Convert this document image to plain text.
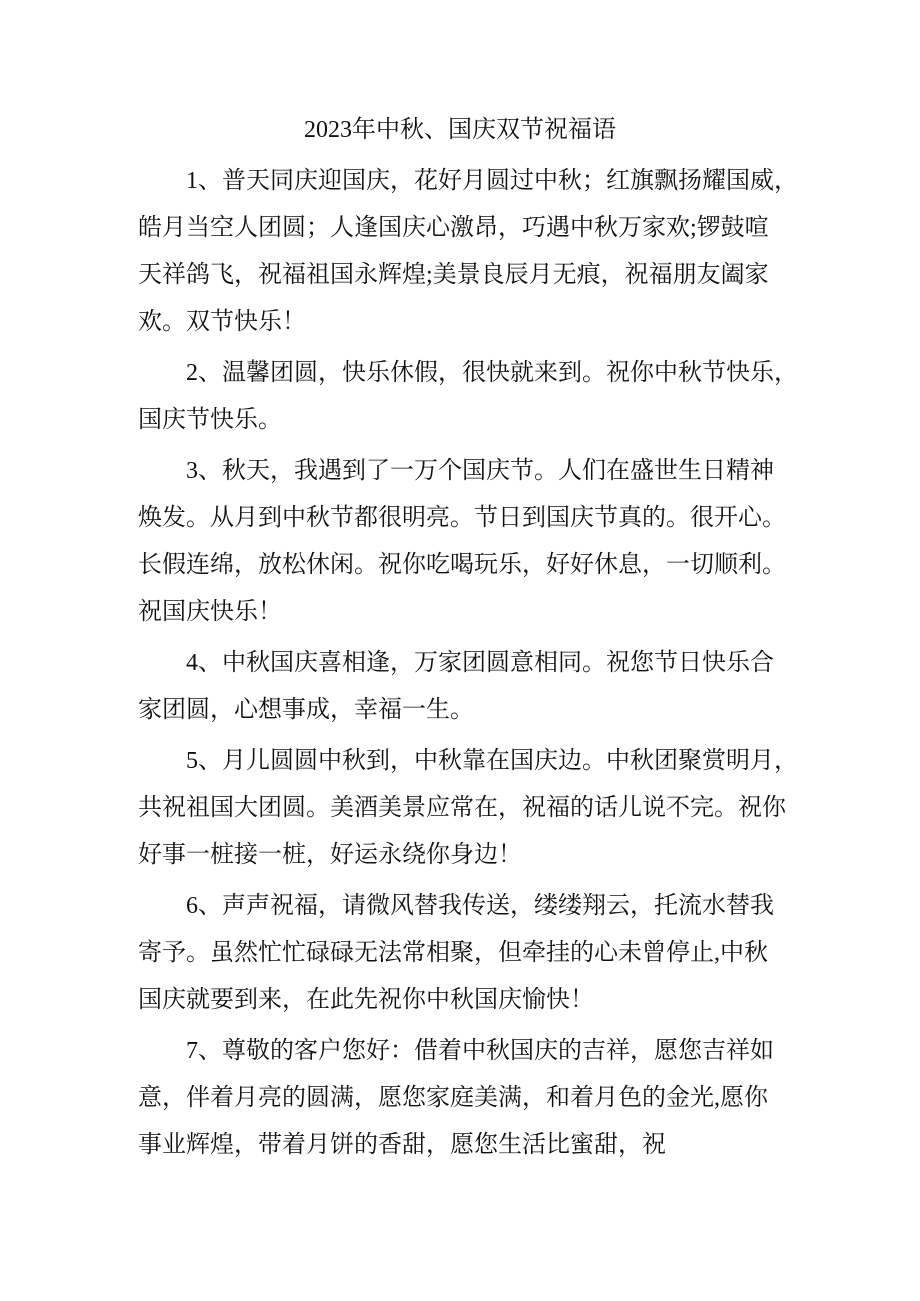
2023年中秋、国庆双节祝福语
1、普天同庆迎国庆，花好月圆过中秋；红旗飘扬耀国威，
皓月当空人团圆；人逢国庆心激昂，巧遇中秋万家欢;锣鼓喧
天祥鸽飞，祝福祖国永辉煌;美景良辰月无痕，祝福朋友阖家
欢。双节快乐！
2、温馨团圆，快乐休假，很快就来到。祝你中秋节快乐，
国庆节快乐。
3、秋天，我遇到了一万个国庆节。人们在盛世生日精神
焕发。从月到中秋节都很明亮。节日到国庆节真的。很开心。
长假连绵，放松休闲。祝你吃喝玩乐，好好休息，一切顺利。
祝国庆快乐！
4、中秋国庆喜相逢，万家团圆意相同。祝您节日快乐合
家团圆，心想事成，幸福一生。
5、月儿圆圆中秋到，中秋靠在国庆边。中秋团聚赏明月，
共祝祖国大团圆。美酒美景应常在，祝福的话儿说不完。祝你
好事一桩接一桩，好运永绕你身边！
6、声声祝福，请微风替我传送，缕缕翔云，托流水替我
寄予。虽然忙忙碌碌无法常相聚，但牵挂的心未曾停止,中秋
国庆就要到来，在此先祝你中秋国庆愉快！
7、尊敬的客户您好：借着中秋国庆的吉祥，愿您吉祥如
意，伴着月亮的圆满，愿您家庭美满，和着月色的金光,愿你
事业辉煌，带着月饼的香甜，愿您生活比蜜甜，祝
